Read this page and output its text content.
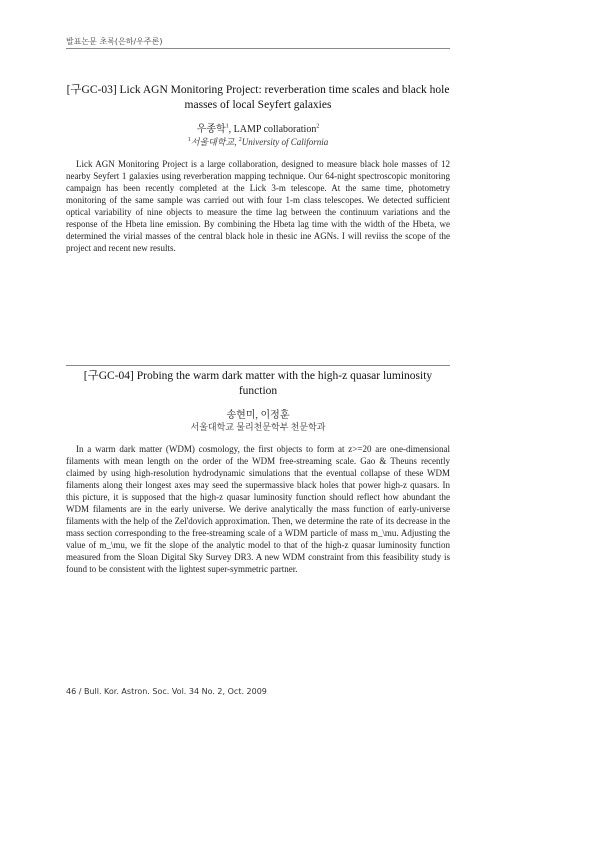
발표논문 초록(은하/우주론)
[구GC-03] Lick AGN Monitoring Project: reverberation time scales and black hole masses of local Seyfert galaxies
우종학$^1$, LAMP collaboration$^2$
$^1$서울대학교, $^2$University of California
Lick AGN Monitoring Project is a large collaboration, designed to measure black hole masses of 12 nearby Seyfert 1 galaxies using reverberation mapping technique. Our 64-night spectroscopic monitoring campaign has been recently completed at the Lick 3-m telescope. At the same time, photometry monitoring of the same sample was carried out with four 1-m class telescopes. We detected sufficient optical variability of nine objects to measure the time lag between the continuum variations and the response of the Hbeta line emission. By combining the Hbeta lag time with the width of the Hbeta, we determined the virial masses of the central black hole in thesic ine AGNs. I will reviiss the scope of the project and recent new results.
[구GC-04] Probing the warm dark matter with the high-z quasar luminosity function
송현미, 이정훈
서울대학교 물리천문학부 천문학과
In a warm dark matter (WDM) cosmology, the first objects to form at z>=20 are one-dimensional filaments with mean length on the order of the WDM free-streaming scale. Gao & Theuns recently claimed by using high-resolution hydrodynamic simulations that the eventual collapse of these WDM filaments along their longest axes may seed the supermassive black holes that power high-z quasars. In this picture, it is supposed that the high-z quasar luminosity function should reflect how abundant the WDM filaments are in the early universe. We derive analytically the mass function of early-universe filaments with the help of the Zel'dovich approximation. Then, we determine the rate of its decrease in the mass section corresponding to the free-streaming scale of a WDM particle of mass m_\mu. Adjusting the value of m_\mu, we fit the slope of the analytic model to that of the high-z quasar luminosity function measured from the Sloan Digital Sky Survey DR3. A new WDM constraint from this feasibility study is found to be consistent with the lightest super-symmetric partner.
46 / Bull. Kor. Astron. Soc. Vol. 34 No. 2, Oct. 2009
